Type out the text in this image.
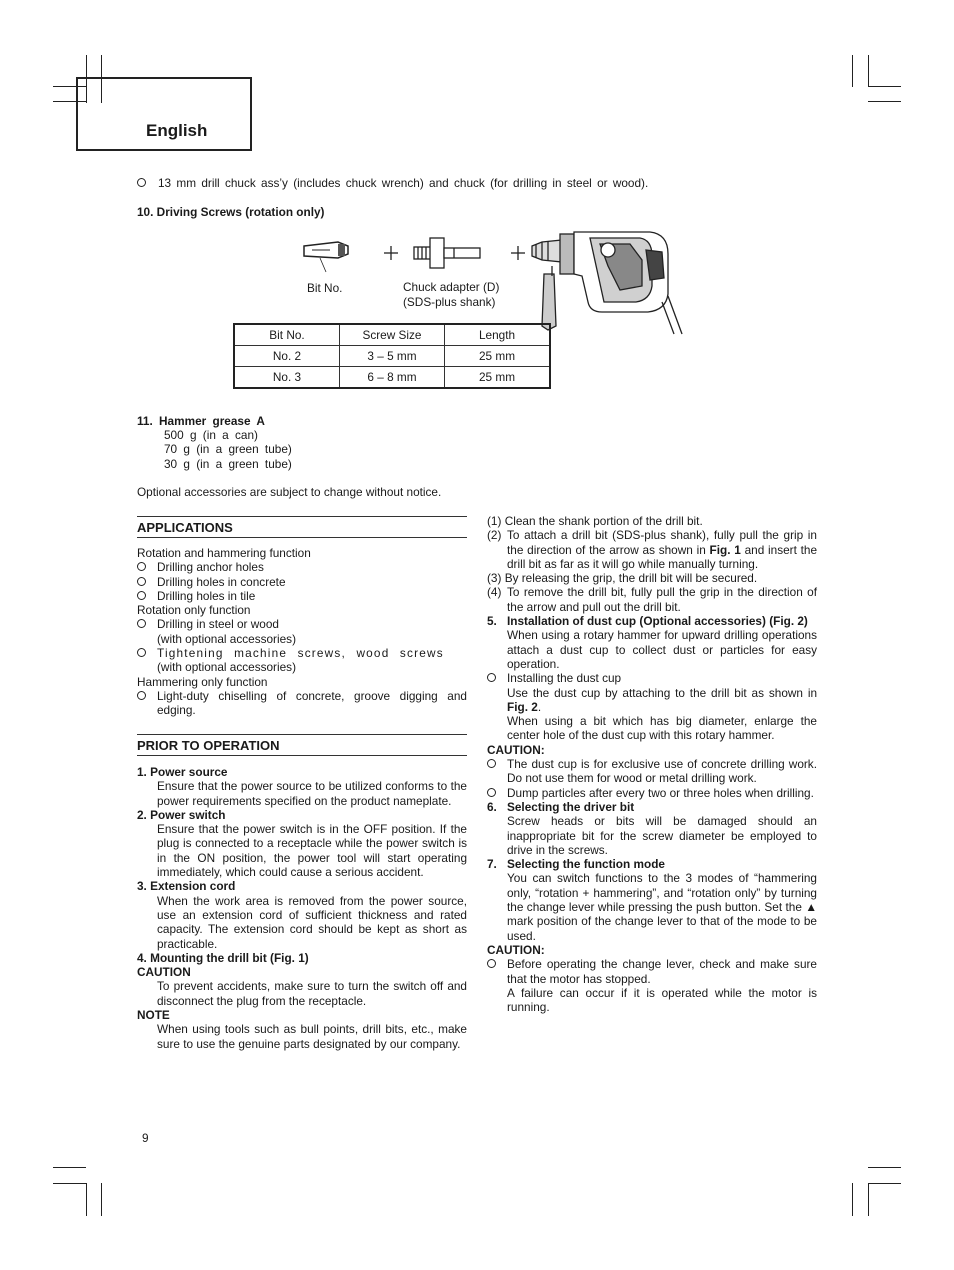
English
13 mm drill chuck ass’y (includes chuck wrench) and chuck (for drilling in steel or wood).
10. Driving Screws (rotation only)
Bit No.	Chuck adapter (D)
(SDS-plus shank)
Bit No.	Screw Size	Length
No. 2	3 – 5 mm	25 mm
No. 3	6 – 8 mm	25 mm
11. Hammer grease A
500 g (in a can)
70 g (in a green tube)
30 g (in a green tube)
Optional accessories are subject to change without notice.
APPLICATIONS
Rotation and hammering function
Drilling anchor holes
Drilling holes in concrete
Drilling holes in tile
Rotation only function
Drilling in steel or wood
(with optional accessories)
Tightening machine screws, wood screws
(with optional accessories)
Hammering only function
Light-duty chiselling of concrete, groove digging and edging.
PRIOR TO OPERATION
1. Power source
Ensure that the power source to be utilized conforms to the power requirements specified on the product nameplate.
2. Power switch
Ensure that the power switch is in the OFF position. If the plug is connected to a receptacle while the power switch is in the ON position, the power tool will start operating immediately, which could cause a serious accident.
3. Extension cord
When the work area is removed from the power source, use an extension cord of sufficient thickness and rated capacity. The extension cord should be kept as short as practicable.
4. Mounting the drill bit (Fig. 1)
CAUTION
To prevent accidents, make sure to turn the switch off and disconnect the plug from the receptacle.
NOTE
When using tools such as bull points, drill bits, etc., make sure to use the genuine parts designated by our company.
(1) Clean the shank portion of the drill bit.
(2) To attach a drill bit (SDS-plus shank), fully pull the grip in the direction of the arrow as shown in Fig. 1 and insert the drill bit as far as it will go while manually turning.
(3) By releasing the grip, the drill bit will be secured.
(4) To remove the drill bit, fully pull the grip in the direction of the arrow and pull out the drill bit.
5. Installation of dust cup (Optional accessories) (Fig. 2)
When using a rotary hammer for upward drilling operations attach a dust cup to collect dust or particles for easy operation.
Installing the dust cup
Use the dust cup by attaching to the drill bit as shown in Fig. 2.
When using a bit which has big diameter, enlarge the center hole of the dust cup with this rotary hammer.
CAUTION:
The dust cup is for exclusive use of concrete drilling work. Do not use them for wood or metal drilling work.
Dump particles after every two or three holes when drilling.
6. Selecting the driver bit
Screw heads or bits will be damaged should an inappropriate bit for the screw diameter be employed to drive in the screws.
7. Selecting the function mode
You can switch functions to the 3 modes of “hammering only, “rotation + hammering”, and “rotation only” by turning the change lever while pressing the push button. Set the ▲ mark position of the change lever to that of the mode to be used.
CAUTION:
Before operating the change lever, check and make sure that the motor has stopped.
A failure can occur if it is operated while the motor is running.
9
